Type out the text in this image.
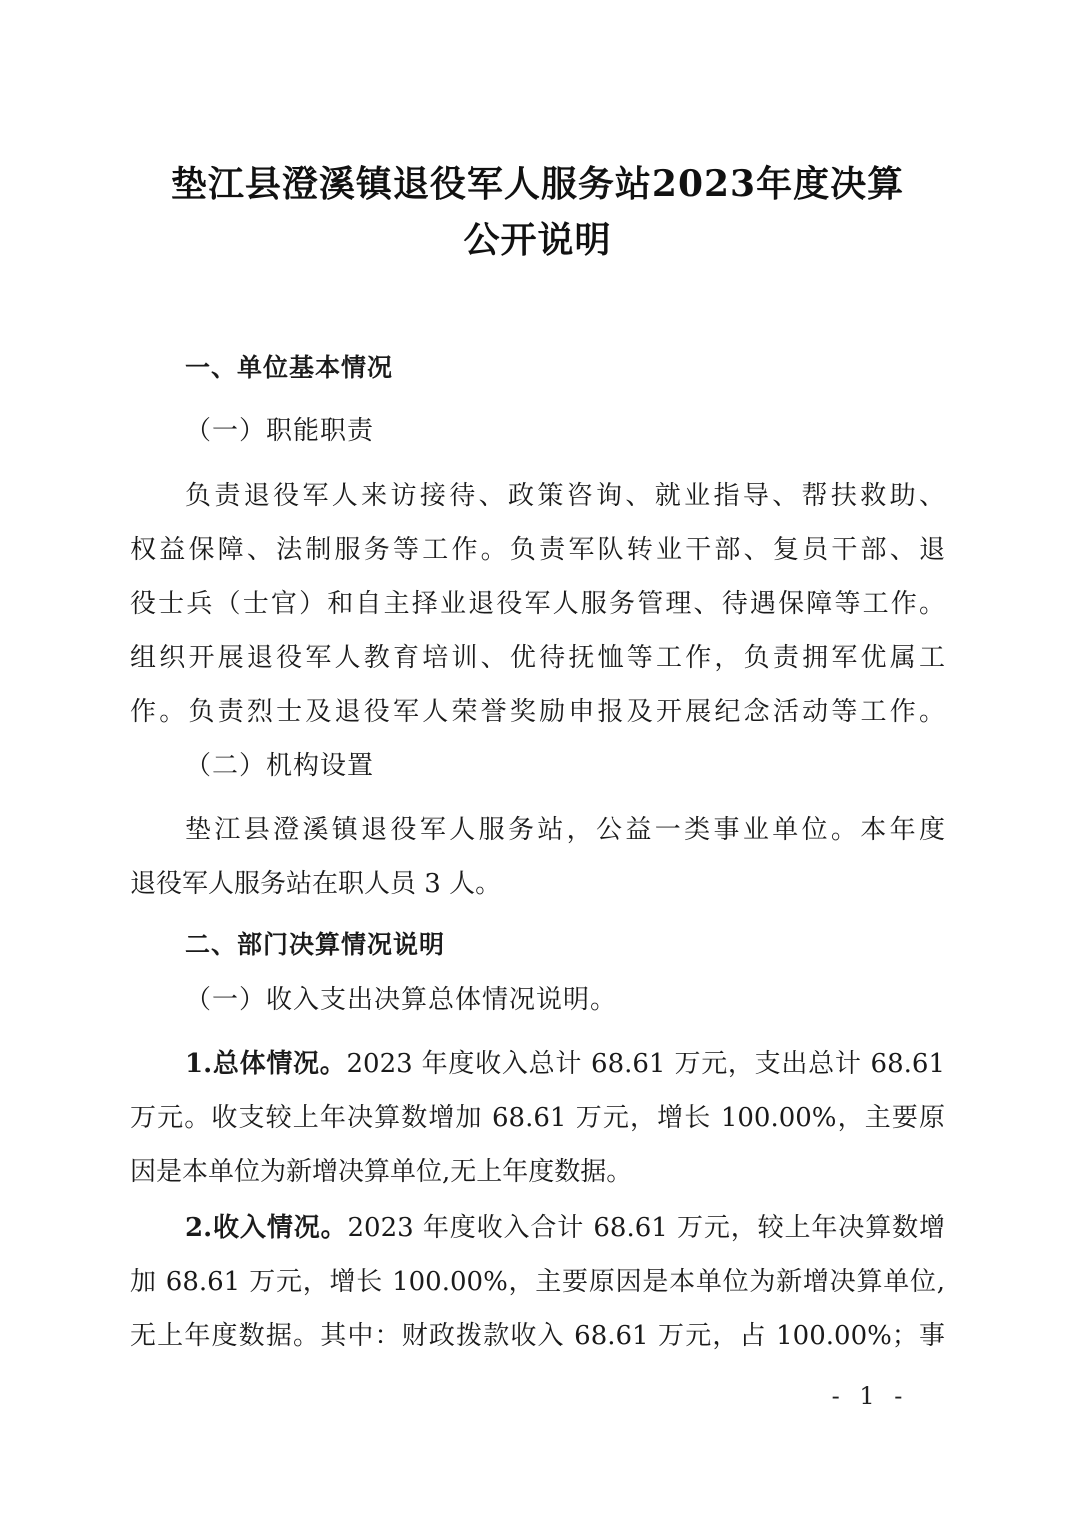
垫江县澄溪镇退役军人服务站2023年度决算
公开说明
一、单位基本情况
（一）职能职责
负责退役军人来访接待、政策咨询、就业指导、帮扶救助、
权益保障、法制服务等工作。负责军队转业干部、复员干部、退
役士兵（士官）和自主择业退役军人服务管理、待遇保障等工作。
组织开展退役军人教育培训、优待抚恤等工作，负责拥军优属工
作。负责烈士及退役军人荣誉奖励申报及开展纪念活动等工作。
（二）机构设置
垫江县澄溪镇退役军人服务站，公益一类事业单位。本年度
退役军人服务站在职人员 3 人。
二、部门决算情况说明
（一）收入支出决算总体情况说明。
1.总体情况。2023 年度收入总计 68.61 万元，支出总计 68.61
万元。收支较上年决算数增加 68.61 万元，增长 100.00%，主要原
因是本单位为新增决算单位,无上年度数据。
2.收入情况。2023 年度收入合计 68.61 万元，较上年决算数增
加 68.61 万元，增长 100.00%，主要原因是本单位为新增决算单位,
无上年度数据。其中：财政拨款收入 68.61 万元，占 100.00%；事
- 1 -
